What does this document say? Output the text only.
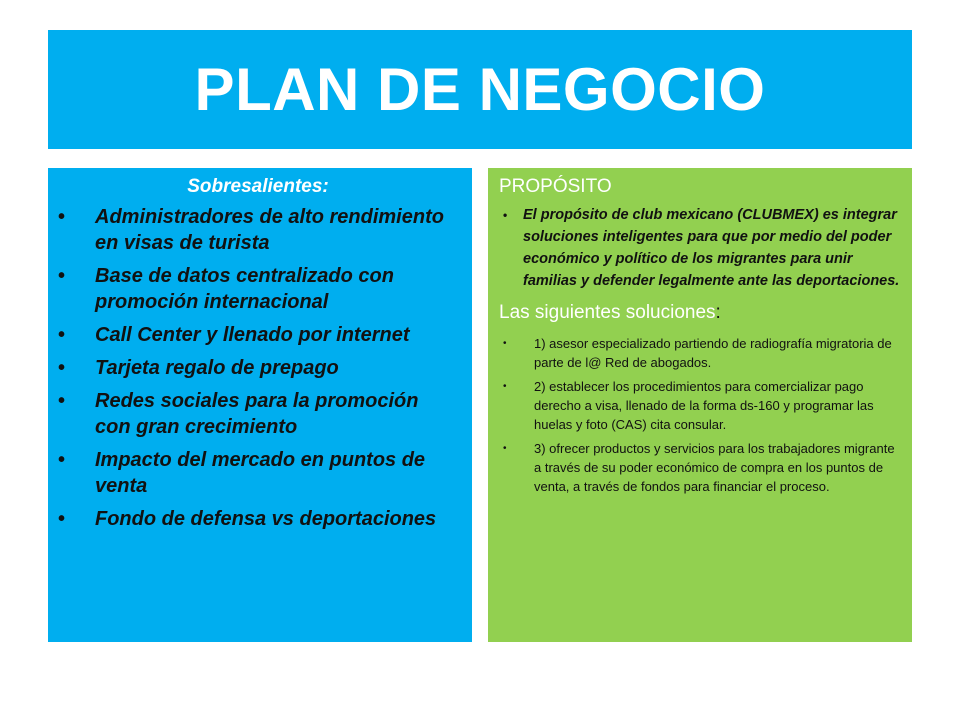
PLAN DE NEGOCIO

Sobresalientes:

• Administradores de alto rendimiento en visas de turista
• Base de datos centralizado con promoción internacional
• Call Center y llenado por internet
• Tarjeta regalo de prepago
• Redes sociales para la promoción con gran crecimiento
• Impacto del mercado en puntos de venta
• Fondo de defensa vs deportaciones

PROPÓSITO

• El propósito de club mexicano (CLUBMEX) es integrar soluciones inteligentes para que por medio del poder económico y político de los migrantes para unir familias y defender legalmente ante las deportaciones.

Las siguientes soluciones:

• 1) asesor especializado partiendo de radiografía migratoria de parte de l@ Red de abogados.
• 2) establecer los procedimientos para comercializar pago derecho a visa, llenado de la forma ds-160 y programar las huelas y foto (CAS) cita consular.
• 3) ofrecer productos y servicios para los trabajadores migrante a través de su poder económico de compra en los puntos de venta, a través de fondos para financiar el proceso.
